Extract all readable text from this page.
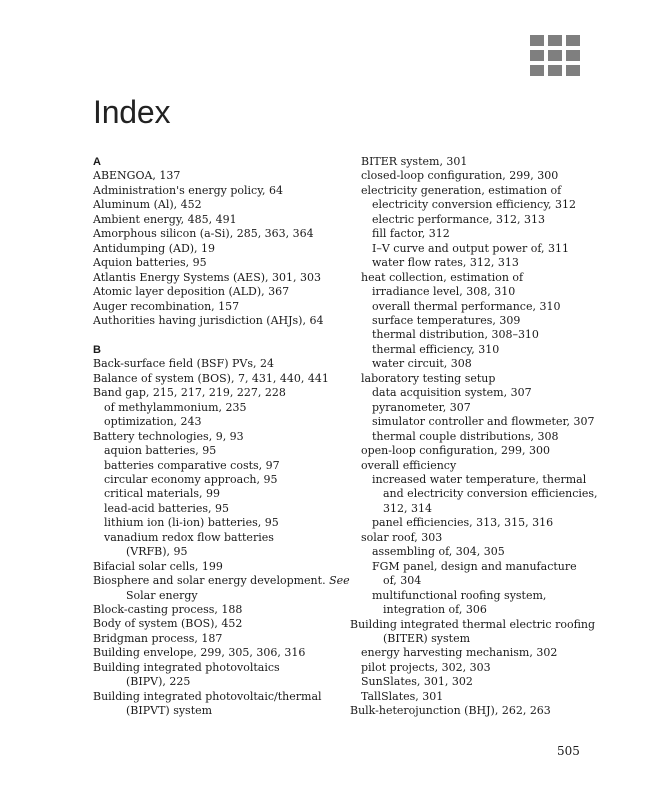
Index
A
ABENGOA, 137
Administration's energy policy, 64
Aluminum (Al), 452
Ambient energy, 485, 491
Amorphous silicon (a-Si), 285, 363, 364
Antidumping (AD), 19
Aquion batteries, 95
Atlantis Energy Systems (AES), 301, 303
Atomic layer deposition (ALD), 367
Auger recombination, 157
Authorities having jurisdiction (AHJs), 64
B
Back-surface field (BSF) PVs, 24
Balance of system (BOS), 7, 431, 440, 441
Band gap, 215, 217, 219, 227, 228
of methylammonium, 235
optimization, 243
Battery technologies, 9, 93
aquion batteries, 95
batteries comparative costs, 97
circular economy approach, 95
critical materials, 99
lead-acid batteries, 95
lithium ion (li-ion) batteries, 95
vanadium redox flow batteries
(VRFB), 95
Bifacial solar cells, 199
Biosphere and solar energy development. See
Solar energy
Block-casting process, 188
Body of system (BOS), 452
Bridgman process, 187
Building envelope, 299, 305, 306, 316
Building integrated photovoltaics
(BIPV), 225
Building integrated photovoltaic/thermal
(BIPVT) system
BITER system, 301
closed-loop configuration, 299, 300
electricity generation, estimation of
electricity conversion efficiency, 312
electric performance, 312, 313
fill factor, 312
I–V curve and output power of, 311
water flow rates, 312, 313
heat collection, estimation of
irradiance level, 308, 310
overall thermal performance, 310
surface temperatures, 309
thermal distribution, 308–310
thermal efficiency, 310
water circuit, 308
laboratory testing setup
data acquisition system, 307
pyranometer, 307
simulator controller and flowmeter, 307
thermal couple distributions, 308
open-loop configuration, 299, 300
overall efficiency
increased water temperature, thermal
and electricity conversion efficiencies,
312, 314
panel efficiencies, 313, 315, 316
solar roof, 303
assembling of, 304, 305
FGM panel, design and manufacture
of, 304
multifunctional roofing system,
integration of, 306
Building integrated thermal electric roofing
(BITER) system
energy harvesting mechanism, 302
pilot projects, 302, 303
SunSlates, 301, 302
TallSlates, 301
Bulk-heterojunction (BHJ), 262, 263
505
